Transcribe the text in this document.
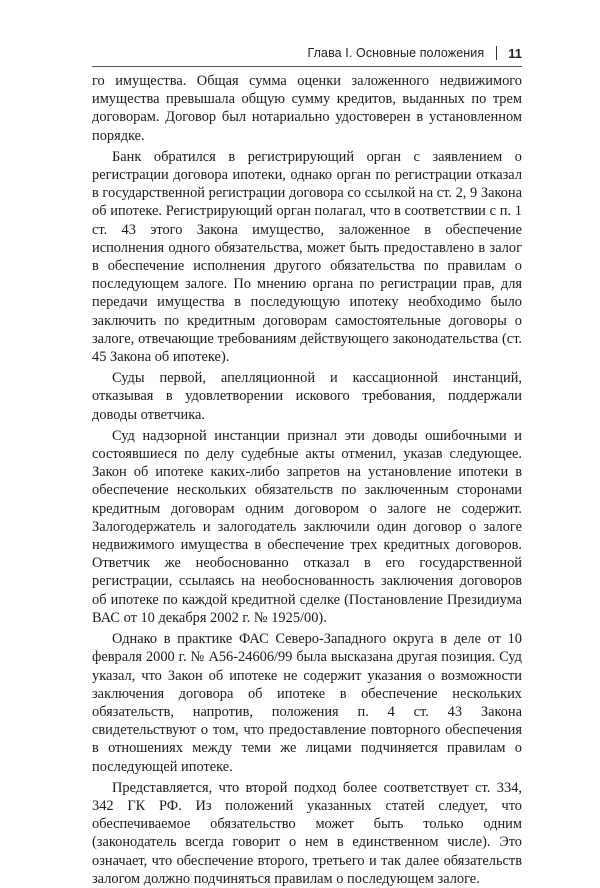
Глава I. Основные положения 11

го имущества. Общая сумма оценки заложенного недвижимого имущества превышала общую сумму кредитов, выданных по трем договорам. Договор был нотариально удостоверен в установленном порядке.

Банк обратился в регистрирующий орган с заявлением о регистрации договора ипотеки, однако орган по регистрации отказал в государственной регистрации договора со ссылкой на ст. 2, 9 Закона об ипотеке. Регистрирующий орган полагал, что в соответствии с п. 1 ст. 43 этого Закона имущество, заложенное в обеспечение исполнения одного обязательства, может быть предоставлено в залог в обеспечение исполнения другого обязательства по правилам о последующем залоге. По мнению органа по регистрации прав, для передачи имущества в последующую ипотеку необходимо было заключить по кредитным договорам самостоятельные договоры о залоге, отвечающие требованиям действующего законодательства (ст. 45 Закона об ипотеке).

Суды первой, апелляционной и кассационной инстанций, отказывая в удовлетворении искового требования, поддержали доводы ответчика.

Суд надзорной инстанции признал эти доводы ошибочными и состоявшиеся по делу судебные акты отменил, указав следующее. Закон об ипотеке каких-либо запретов на установление ипотеки в обеспечение нескольких обязательств по заключенным сторонами кредитным договорам одним договором о залоге не содержит. Залогодержатель и залогодатель заключили один договор о залоге недвижимого имущества в обеспечение трех кредитных договоров. Ответчик же необоснованно отказал в его государственной регистрации, ссылаясь на необоснованность заключения договоров об ипотеке по каждой кредитной сделке (Постановление Президиума ВАС от 10 декабря 2002 г. № 1925/00).

Однако в практике ФАС Северо-Западного округа в деле от 10 февраля 2000 г. № А56-24606/99 была высказана другая позиция. Суд указал, что Закон об ипотеке не содержит указания о возможности заключения договора об ипотеке в обеспечение нескольких обязательств, напротив, положения п. 4 ст. 43 Закона свидетельствуют о том, что предоставление повторного обеспечения в отношениях между теми же лицами подчиняется правилам о последующей ипотеке.

Представляется, что второй подход более соответствует ст. 334, 342 ГК РФ. Из положений указанных статей следует, что обеспечиваемое обязательство может быть только одним (законодатель всегда говорит о нем в единственном числе). Это означает, что обеспечение второго, третьего и так далее обязательств залогом должно подчиняться правилам о последующем залоге.
